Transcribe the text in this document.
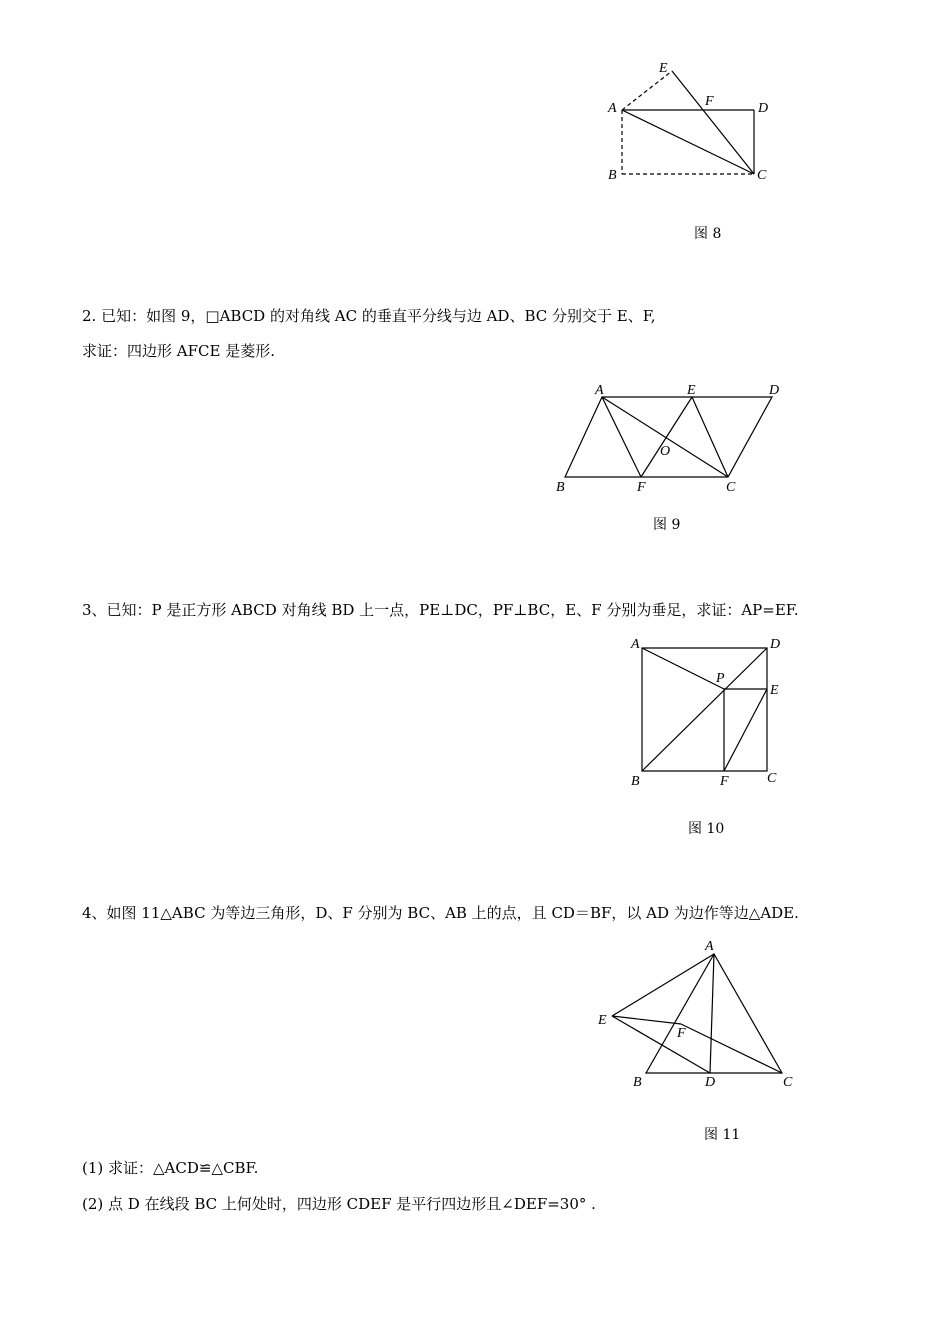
A
B	C
D
E
F
图 8
2. 已知：如图 9，□ABCD 的对角线 AC 的垂直平分线与边 AD、BC 分别交于 E、F,
求证：四边形 AFCE 是菱形.
A
B	C
D
E
F
O
图 9
3、已知：P 是正方形 ABCD 对角线 BD 上一点，PE⊥DC，PF⊥BC，E、F 分别为垂足，求证：AP=EF.
A
B	C
D
E
F
P
图 10
4、如图 11△ABC 为等边三角形，D、F 分别为 BC、AB 上的点，且 CD＝BF，以 AD 为边作等边△ADE.
A
B	C
D
E
F
图 11
(1) 求证：△ACD≌△CBF.
(2) 点 D 在线段 BC 上何处时，四边形 CDEF 是平行四边形且∠DEF=30° .
